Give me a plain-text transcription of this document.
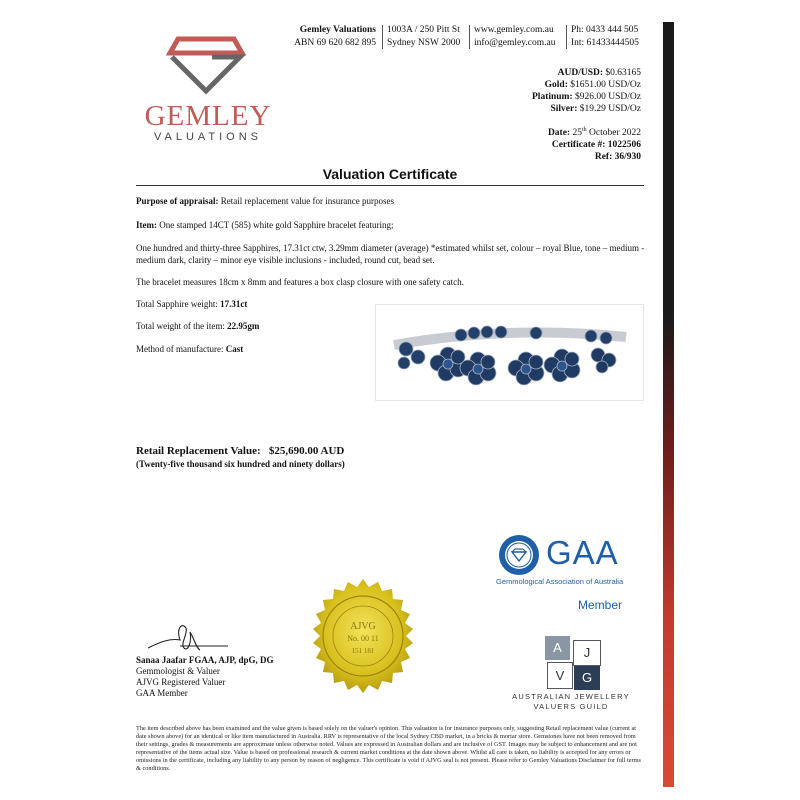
GEMLEY
VALUATIONS
Gemley Valuations
ABN 69 620 682 895
1003A / 250 Pitt St
Sydney NSW 2000
www.gemley.com.au
info@gemley.com.au
Ph: 0433 444 505
Int: 61433444505
AUD/USD: $0.63165
Gold: $1651.00 USD/Oz
Platinum: $926.00 USD/Oz
Silver: $19.29 USD/Oz
Date: 25th October 2022
Certificate #: 1022506
Ref: 36/930
Valuation Certificate
Purpose of appraisal: Retail replacement value for insurance purposes
Item: One stamped 14CT (585) white gold Sapphire bracelet featuring;
One hundred and thirty-three Sapphires, 17.31ct ctw, 3.29mm diameter (average) *estimated whilst set, colour – royal Blue, tone – medium - medium dark, clarity – minor eye visible inclusions - included, round cut, bead set.
The bracelet measures 18cm x 8mm and features a box clasp closure with one safety catch.
Total Sapphire weight: 17.31ct
Total weight of the item: 22.95gm
Method of manufacture: Cast
Retail Replacement Value: $25,690.00 AUD
(Twenty-five thousand six hundred and ninety dollars)
GAA
Gemmological Association of Australia
Member
AJVG
No. 00 11
151 181	A	J
V	G
AUSTRALIAN JEWELLERY
VALUERS GUILD
Sanaa Jaafar FGAA, AJP, dpG, DG
Gemmologist & Valuer
AJVG Registered Valuer
GAA Member
The item described above has been examined and the value given is based solely on the valuer's opinion. This valuation is for insurance purposes only, suggesting Retail replacement value (current at date shown above) for an identical or like item manufactured in Australia. RRV is representative of the local Sydney CBD market, in a bricks & mortar store. Gemstones have not been removed from their settings, grades & measurements are approximate unless otherwise noted. Values are expressed in Australian dollars and are inclusive of GST. Images may be subject to enhancement and are not representative of the items actual size. Value is based on professional research & current market conditions at the date shown above. Whilst all care is taken, no liability is accepted for any errors or omissions in the certificate, including any liability to any person by reason of negligence. This certificate is void if AJVG seal is not present. Please refer to Gemley Valuations Disclaimer for full terms & conditions.
